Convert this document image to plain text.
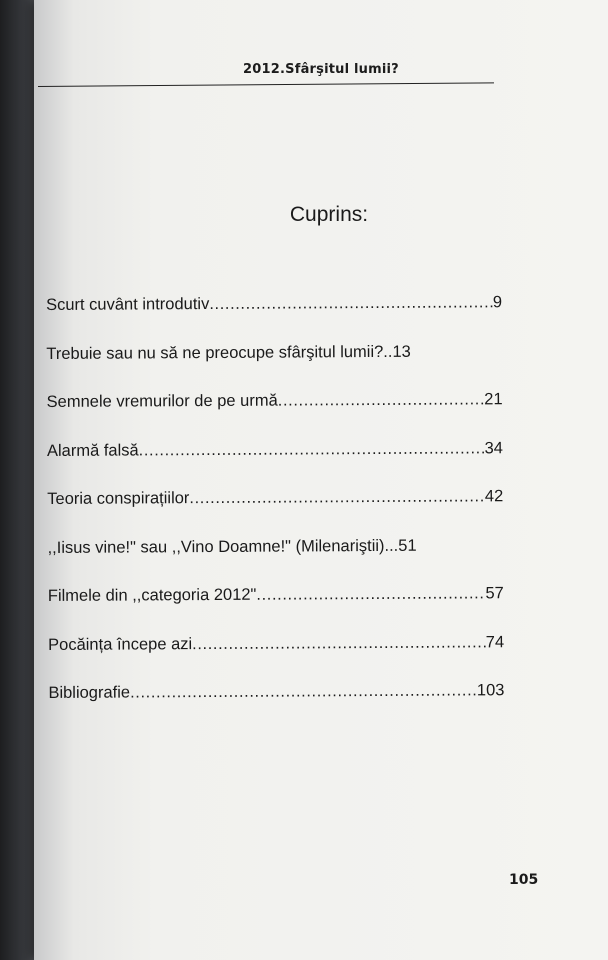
2012.Sfârşitul lumii?
Cuprins:
Scurt cuvânt introdutiv .....	9
Trebuie sau nu să ne preocupe sfârşitul lumii?.. 13
Semnele vremurilor de pe urmă .....	21
Alarmă falsă .....	34
Teoria conspirațiilor .....	42
,,Iisus vine!" sau ,,Vino Doamne!" (Milenariştii)... 51
Filmele din ,,categoria 2012" .....	57
Pocăința începe azi .....	74
Bibliografie .....	103
105
